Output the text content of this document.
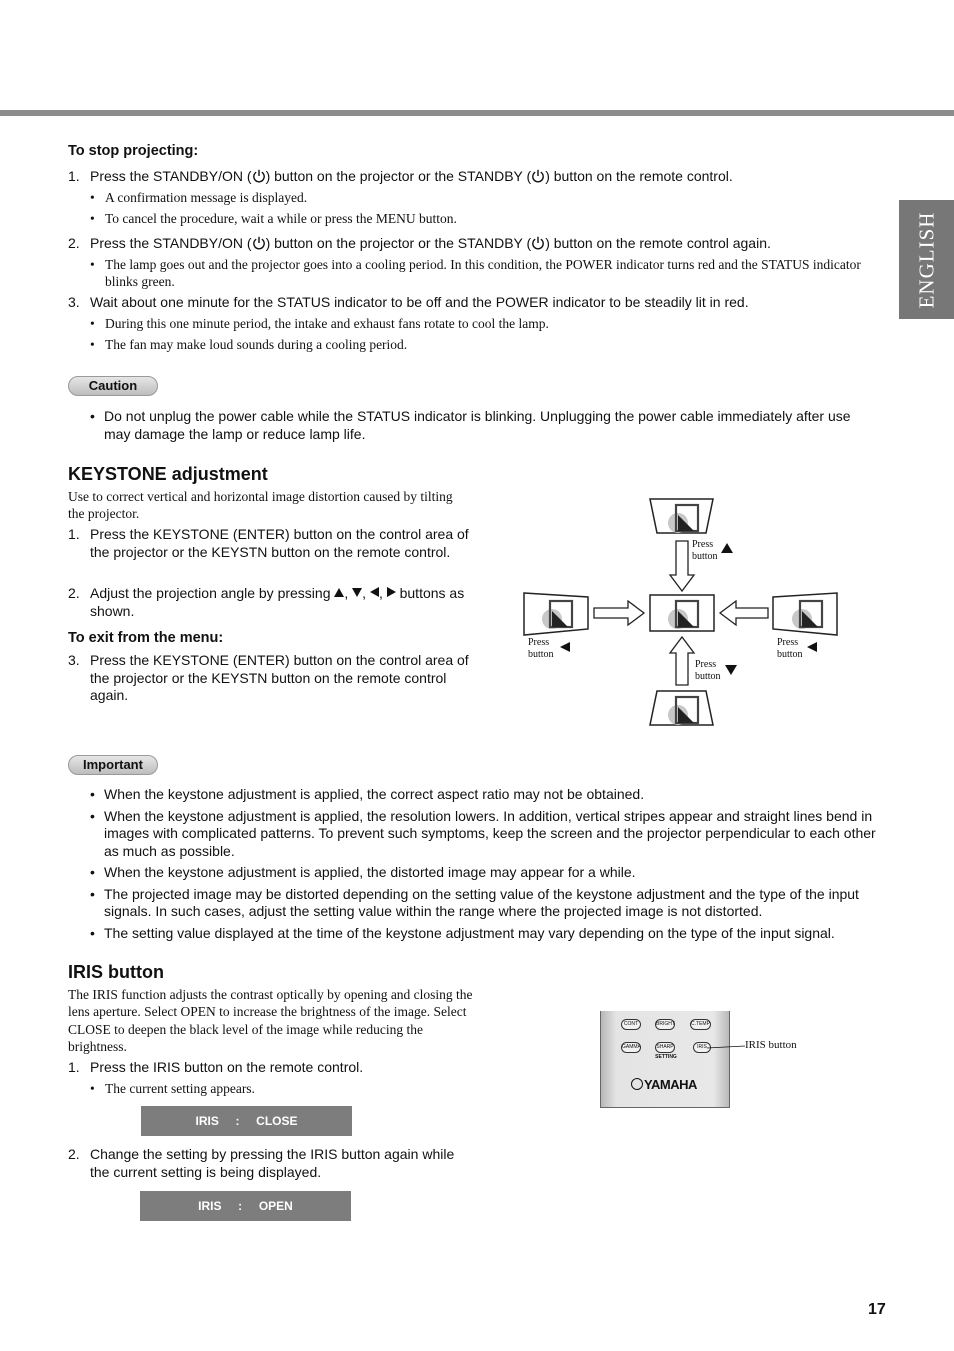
ENGLISH
To stop projecting:
1. Press the STANDBY/ON ( ) button on the projector or the STANDBY ( ) button on the remote control.
• A confirmation message is displayed.
• To cancel the procedure, wait a while or press the MENU button.
2. Press the STANDBY/ON ( ) button on the projector or the STANDBY ( ) button on the remote control again.
• The lamp goes out and the projector goes into a cooling period. In this condition, the POWER indicator turns red and the STATUS indicator blinks green.
3. Wait about one minute for the STATUS indicator to be off and the POWER indicator to be steadily lit in red.
• During this one minute period, the intake and exhaust fans rotate to cool the lamp.
• The fan may make loud sounds during a cooling period.
Caution
• Do not unplug the power cable while the STATUS indicator is blinking. Unplugging the power cable immediately after use may damage the lamp or reduce lamp life.
KEYSTONE adjustment
Use to correct vertical and horizontal image distortion caused by tilting the projector.
1. Press the KEYSTONE (ENTER) button on the control area of the projector or the KEYSTN button on the remote control.
2. Adjust the projection angle by pressing , , , buttons as shown.
To exit from the menu:
3. Press the KEYSTONE (ENTER) button on the control area of the projector or the KEYSTN button on the remote control again.
Press
button
Press
button
Press
button
Press
button
Important
• When the keystone adjustment is applied, the correct aspect ratio may not be obtained.
• When the keystone adjustment is applied, the resolution lowers. In addition, vertical stripes appear and straight lines bend in images with complicated patterns. To prevent such symptoms, keep the screen and the projector perpendicular to each other as much as possible.
• When the keystone adjustment is applied, the distorted image may appear for a while.
• The projected image may be distorted depending on the setting value of the keystone adjustment and the type of the input signals. In such cases, adjust the setting value within the range where the projected image is not distorted.
• The setting value displayed at the time of the keystone adjustment may vary depending on the type of the input signal.
IRIS button
The IRIS function adjusts the contrast optically by opening and closing the lens aperture. Select OPEN to increase the brightness of the image. Select CLOSE to deepen the black level of the image while reducing the brightness.
1. Press the IRIS button on the remote control.
• The current setting appears.
IRIS     :     CLOSE
2. Change the setting by pressing the IRIS button again while the current setting is being displayed.
IRIS     :     OPEN
CONT	BRIGHT	C.TEMP
GAMMA	SHARP	IRIS
SETTING
YAMAHA
IRIS button
17
